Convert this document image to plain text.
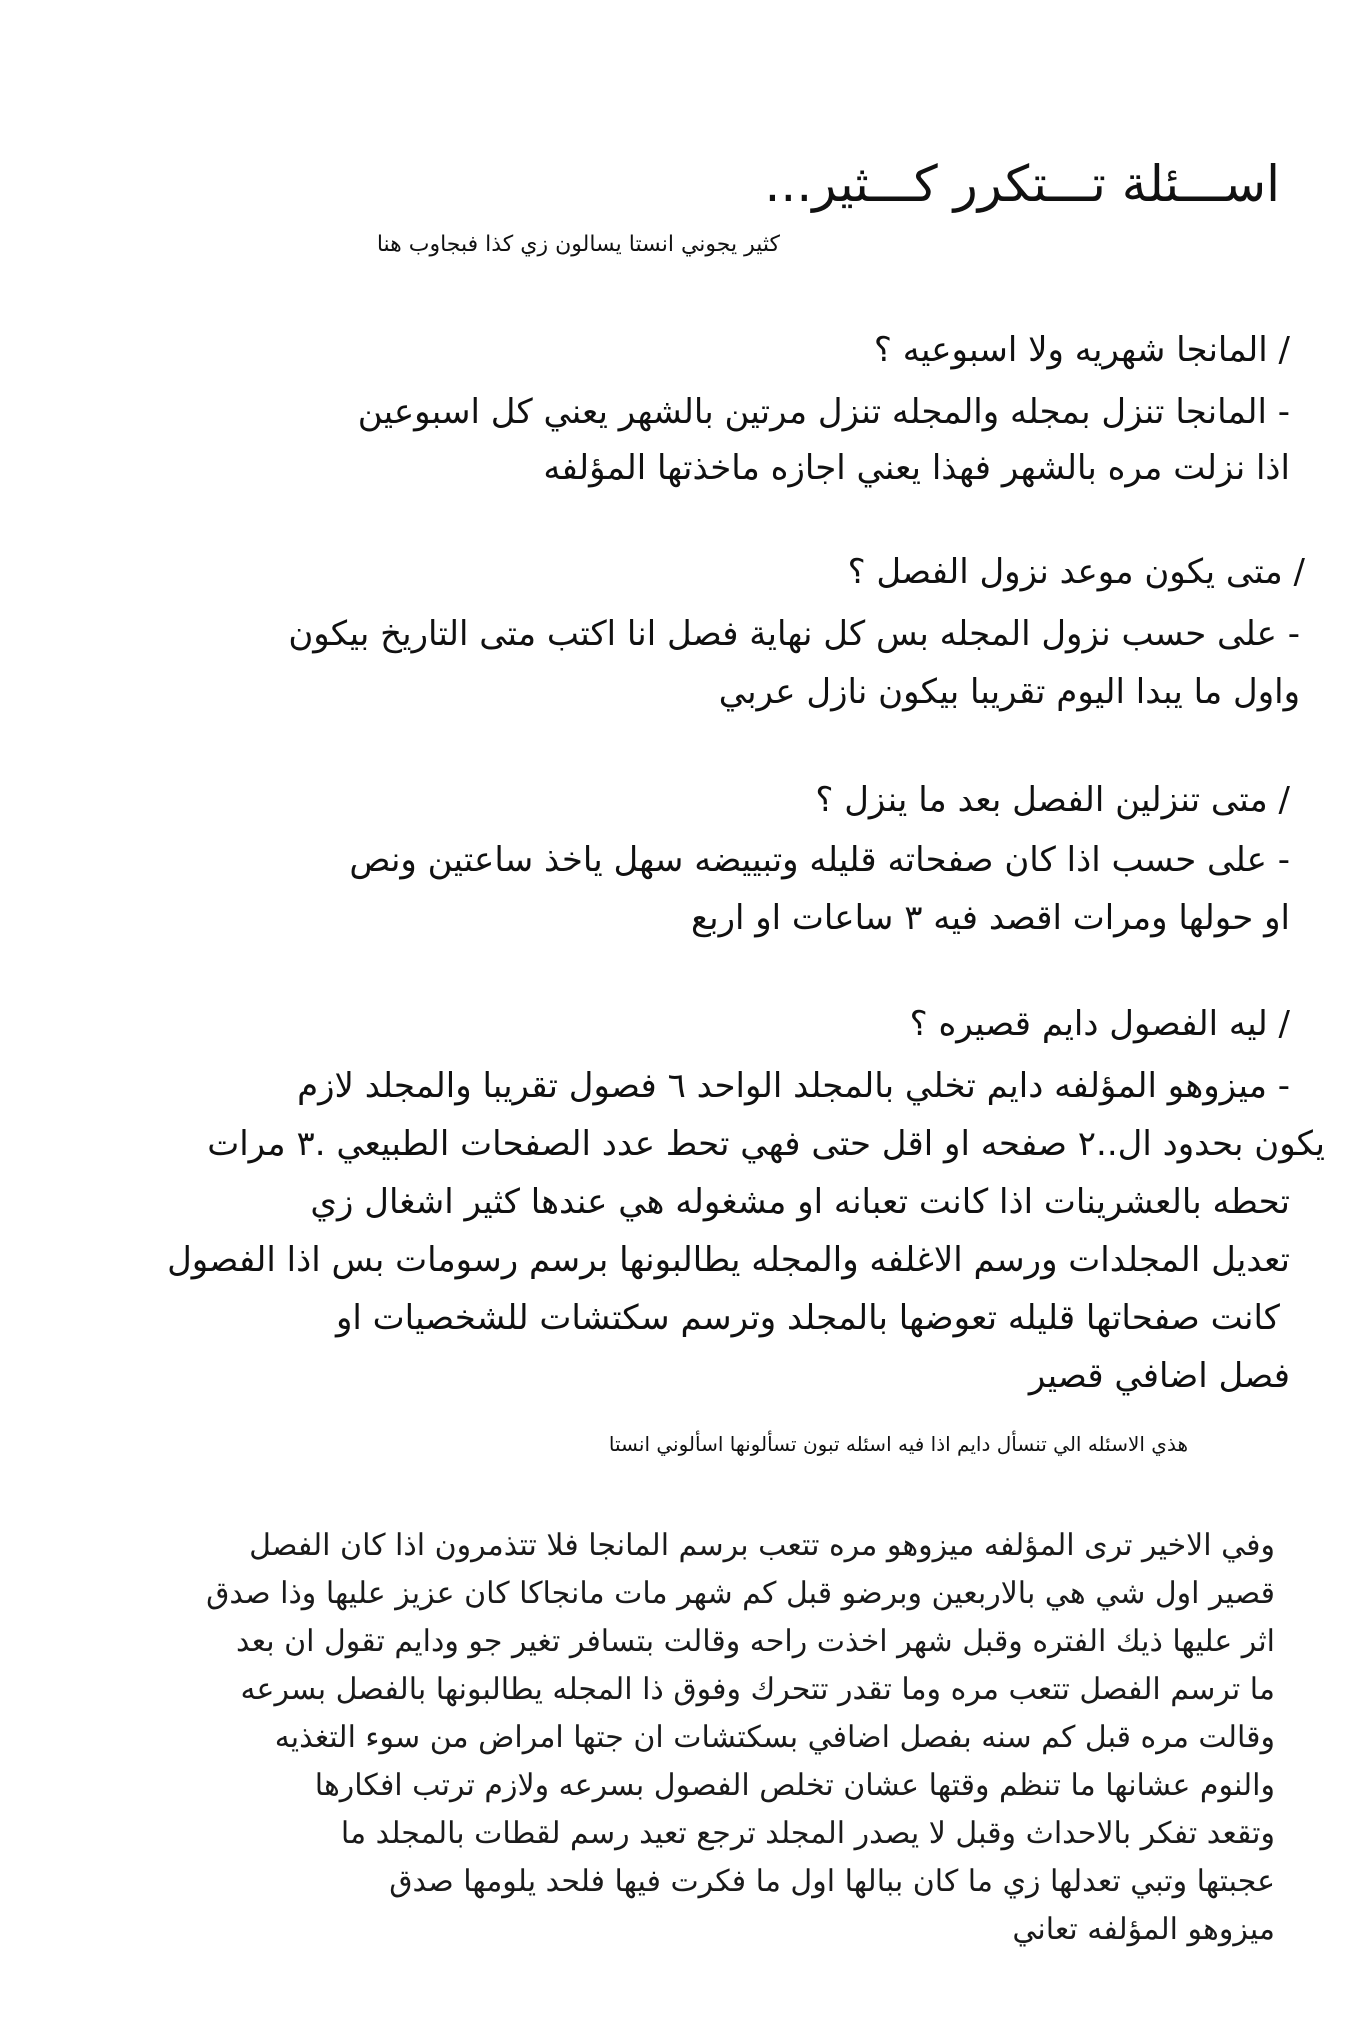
اســـئلة تـــتكرر كـــثير...
كثير يجوني انستا يسالون زي كذا فبجاوب هنا
/ المانجا شهريه ولا اسبوعيه ؟
- المانجا تنزل بمجله والمجله تنزل مرتين بالشهر يعني كل اسبوعين
اذا نزلت مره بالشهر فهذا يعني اجازه ماخذتها المؤلفه
/ متى يكون موعد نزول الفصل ؟
- على حسب نزول المجله بس كل نهاية فصل انا اكتب متى التاريخ بيكون
واول ما يبدا اليوم تقريبا بيكون نازل عربي
/ متى تنزلين الفصل بعد ما ينزل ؟
- على حسب اذا كان صفحاته قليله وتبييضه سهل ياخذ ساعتين ونص
او حولها ومرات اقصد فيه ٣ ساعات او اربع
/ ليه الفصول دايم قصيره ؟
- ميزوهو المؤلفه دايم تخلي بالمجلد الواحد ٦ فصول تقريبا والمجلد لازم
يكون بحدود ال..٢ صفحه او اقل حتى فهي تحط عدد الصفحات الطبيعي .٣ مرات
تحطه بالعشرينات اذا كانت تعبانه او مشغوله هي عندها كثير اشغال زي
تعديل المجلدات ورسم الاغلفه والمجله يطالبونها برسم رسومات بس اذا الفصول
كانت صفحاتها قليله تعوضها بالمجلد وترسم سكتشات للشخصيات او
فصل اضافي قصير
هذي الاسئله الي تنسأل دايم اذا فيه اسئله تبون تسألونها اسألوني انستا
وفي الاخير ترى المؤلفه ميزوهو مره تتعب برسم المانجا فلا تتذمرون اذا كان الفصل
قصير اول شي هي بالاربعين وبرضو قبل كم شهر مات مانجاكا كان عزيز عليها وذا صدق
اثر عليها ذيك الفتره وقبل شهر اخذت راحه وقالت بتسافر تغير جو ودايم تقول ان بعد
ما ترسم الفصل تتعب مره وما تقدر تتحرك وفوق ذا المجله يطالبونها بالفصل بسرعه
وقالت مره قبل كم سنه بفصل اضافي بسكتشات ان جتها امراض من سوء التغذيه
والنوم عشانها ما تنظم وقتها عشان تخلص الفصول بسرعه ولازم ترتب افكارها
وتقعد تفكر بالاحداث وقبل لا يصدر المجلد ترجع تعيد رسم لقطات بالمجلد ما
عجبتها وتبي تعدلها زي ما كان ببالها اول ما فكرت فيها فلحد يلومها صدق
ميزوهو المؤلفه تعاني
